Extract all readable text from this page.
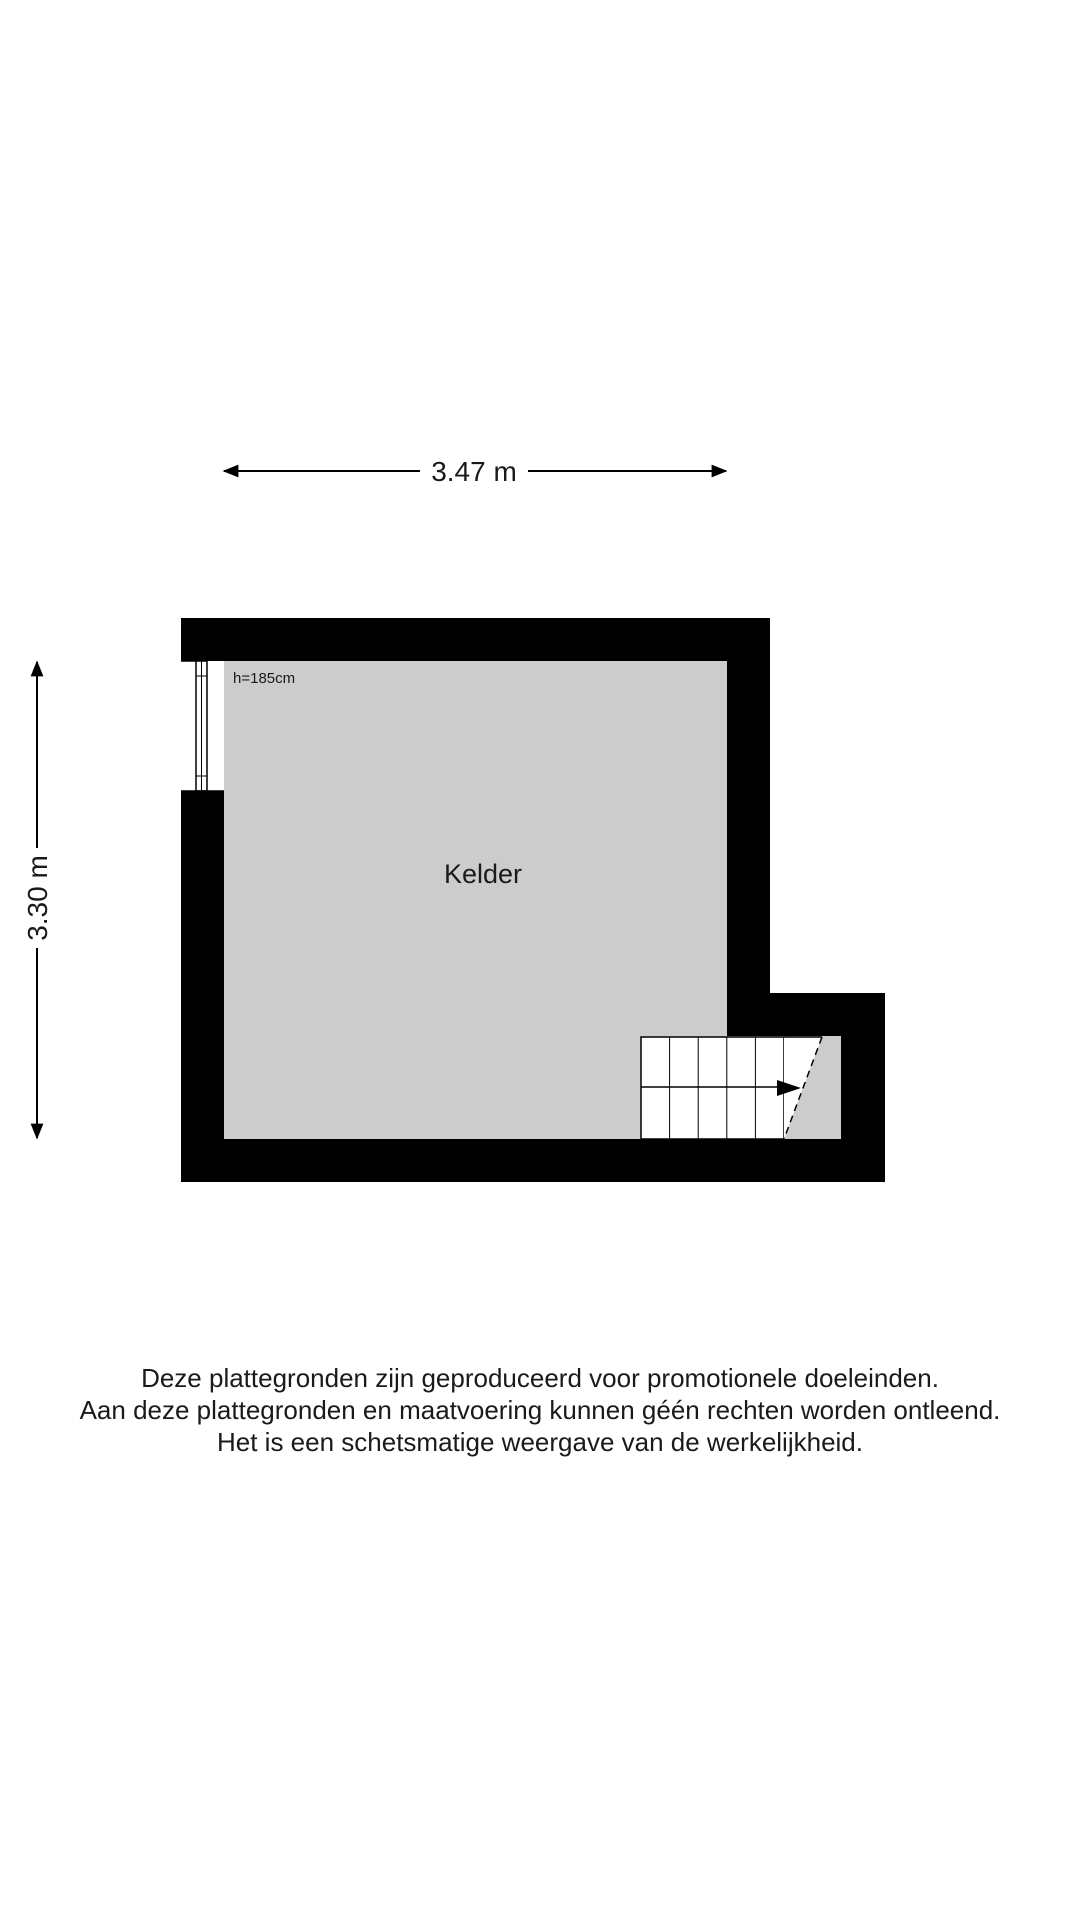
3.47 m
3.30 m
h=185cm
Kelder
Deze plattegronden zijn geproduceerd voor promotionele doeleinden.
Aan deze plattegronden en maatvoering kunnen géén rechten worden ontleend.
Het is een schetsmatige weergave van de werkelijkheid.
